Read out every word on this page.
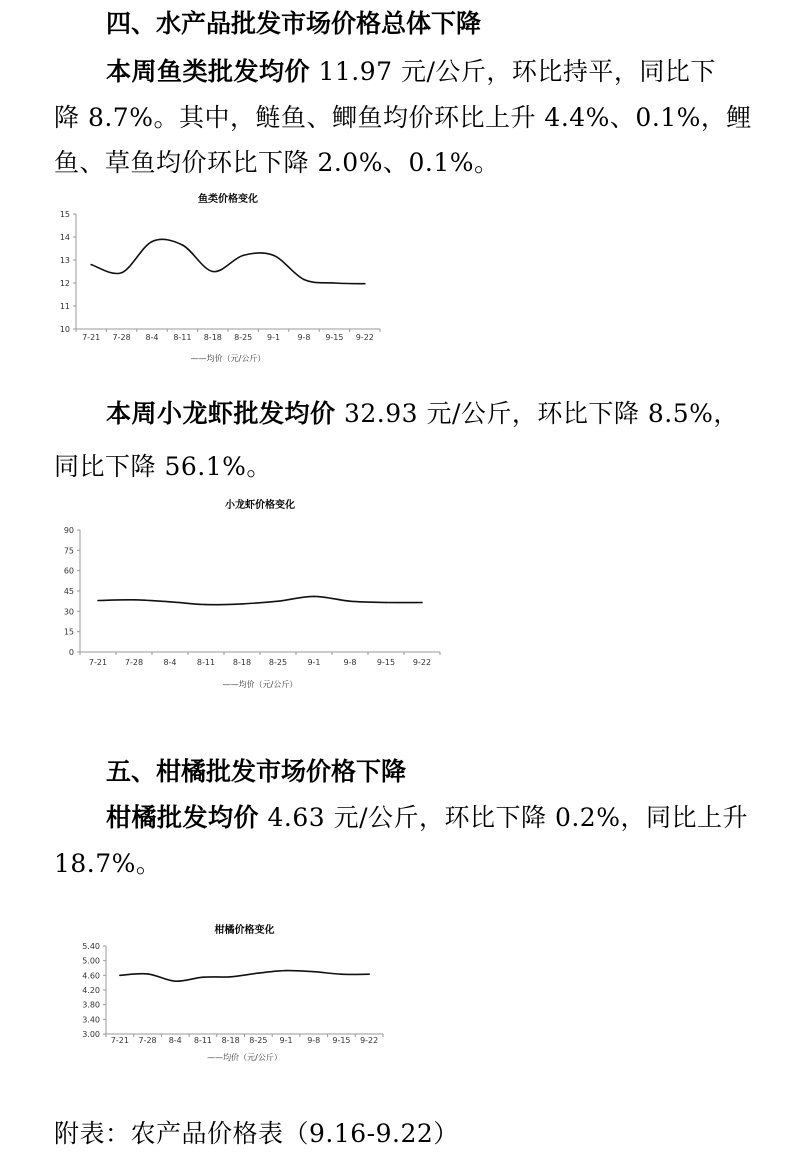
四、水产品批发市场价格总体下降
本周鱼类批发均价 11.97 元/公斤，环比持平，同比下
降 8.7%。其中，鲢鱼、鲫鱼均价环比上升 4.4%、0.1%，鲤
鱼、草鱼均价环比下降 2.0%、0.1%。
鱼类价格变化
10
11
12
13
14
15
7-21 7-28 8-4 8-11 8-18 8-25 9-1 9-8 9-15 9-22
——均价（元/公斤）
本周小龙虾批发均价 32.93 元/公斤，环比下降 8.5%，
同比下降 56.1%。
小龙虾价格变化
0
15
30
45
60
75
90
7-21 7-28	8-4	8-11 8-18 8-25	9-1	9-8	9-15 9-22
——均价（元/公斤）
五、柑橘批发市场价格下降
柑橘批发均价 4.63 元/公斤，环比下降 0.2%，同比上升
18.7%。
柑橘价格变化
3.00
3.40
3.80
4.20
4.60
5.00
5.40
7-21 7-28 8-4 8-11 8-18 8-25 9-1 9-8 9-15 9-22
——均价（元/公斤）
附表：农产品价格表（9.16-9.22）
